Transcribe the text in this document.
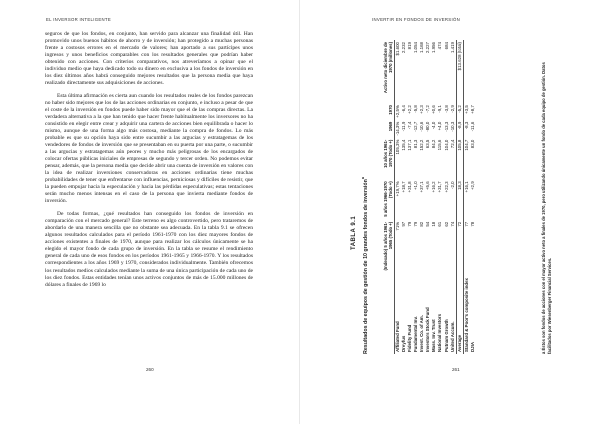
EL INVERSOR INTELIGENTE

seguros de que los fondos, en conjunto, han servido para alcanzar una finalidad útil. Han promovido unos buenos hábitos de ahorro y de inversión; han protegido a muchas personas frente a costosos errores en el mercado de valores; han aportado a sus partícipes unos ingresos y unos beneficios comparables con los resultados generales que podrían haber obtenido con acciones. Con criterios comparativos, nos atreveríamos a opinar que el individuo medio que haya dedicado todo su dinero en exclusiva a los fondos de inversión en los diez últimos años habrá conseguido mejores resultados que la persona media que haya realizado directamente sus adquisiciones de acciones.

Esta última afirmación es cierta aun cuando los resultados reales de los fondos parezcan no haber sido mejores que los de las acciones ordinarias en conjunto, e incluso a pesar de que el coste de la inversión en fondos puede haber sido mayor que el de las compras directas. La verdadera alternativa a la que han tenido que hacer frente habitualmente los inversores no ha consistido en elegir entre crear y adquirir una cartera de acciones bien equilibrada o hacer lo mismo, aunque de una forma algo más costosa, mediante la compra de fondos. Lo más probable es que su opción haya sido entre sucumbir a las argucias y estratagemas de los vendedores de fondos de inversión que se presentaban en su puerta por una parte, o sucumbir a las argucias y estratagemas aún peores y mucho más peligrosas de los encargados de colocar ofertas públicas iniciales de empresas de segundo y tercer orden. No podemos evitar pensar, además, que la persona media que decide abrir una cuenta de inversión en valores con la idea de realizar inversiones conservadoras en acciones ordinarias tiene muchas probabilidades de tener que enfrentarse con influencias, perniciosas y difíciles de resistir, que la pueden empujar hacia la especulación y hacia las pérdidas especulativas; estas tentaciones serán mucho menos intensas en el caso de la persona que invierta mediante fondos de inversión.

De todas formas, ¿qué resultados han conseguido los fondos de inversión en comparación con el mercado general? Este terreno es algo controvertido, pero trataremos de abordarlo de una manera sencilla que no obstante sea adecuada. En la tabla 9.1 se ofrecen algunos resultados calculados para el período 1961-1970 con los diez mayores fondos de acciones existentes a finales de 1970, aunque para realizar los cálculos únicamente se ha elegido el mayor fondo de cada grupo de inversión. En la tabla se resume el rendimiento general de cada uno de esos fondos en los períodos 1961-1965 y 1966-1970. Y los resultados correspondientes a los años 1969 y 1970, considerados individualmente. También ofrecemos los resultados medios calculados mediante la suma de una única participación de cada uno de los diez fondos. Estas entidades tenían unos activos conjuntos de más de 15.000 millones de dólares a finales de 1969 lo

260
INVERTIR EN FONDOS DE INVERSIÓN
261
TABLA 9.1	Resultados de equipos de gestión de 10 grandes fondos de inversión$^a$
	(Indexado) 5 años 1961-1965 (Todo +)	5 años 1966-1970 (Todo +)	10 años 1961-1970 (Todo +)	1969	1970	Activo neto diciembre de 1970 (millones)
Affiliated Fund	71%	+19,7%	105,3%	-14,3%	+2,5%	$1.600
Dreyfus	97	+18,7	135,4	-11,9	-6,4	2.232
Fidelity Fund	79	+31,8	137,1	-7,4	+2,2	819
Fundamental Inv.	79	+1,0	81,3	-12,7	-5,8	1.054
Invest. Co. of Am.	82	+37,1	152,2	-10,6	+2,3	1.168
Investors Stock Fund	54	+5,6	63,5	-80,0	-7,2	2.227
Mass. Inv. Trust	18	+16,2	84,2	-4,0	+0,6	1.956
National Investors	61	+31,7	115,6	+4,0	-9,1	474
Putnam Growth	62	+22,3	104,0	-13,3	-3,8	684
United Accum.	74	-2,0	72,4	-10,3	-2,9	1.419
Average	72	18,3	105,8	-8,9	-5,2	$13.628 (total)
Standard & Poor's composite index	77	+16,1	104,7	-8,3	+3,5	
DJIA	78	+2,9	83,0	-11,6	+8,7		a Éstos son fondos de acciones con el mayor activo neto a finales de 1970, pero utilizando únicamente un fondo de cada equipo de gestión. Datos facilitados por Wiesenberger Financial Services.
